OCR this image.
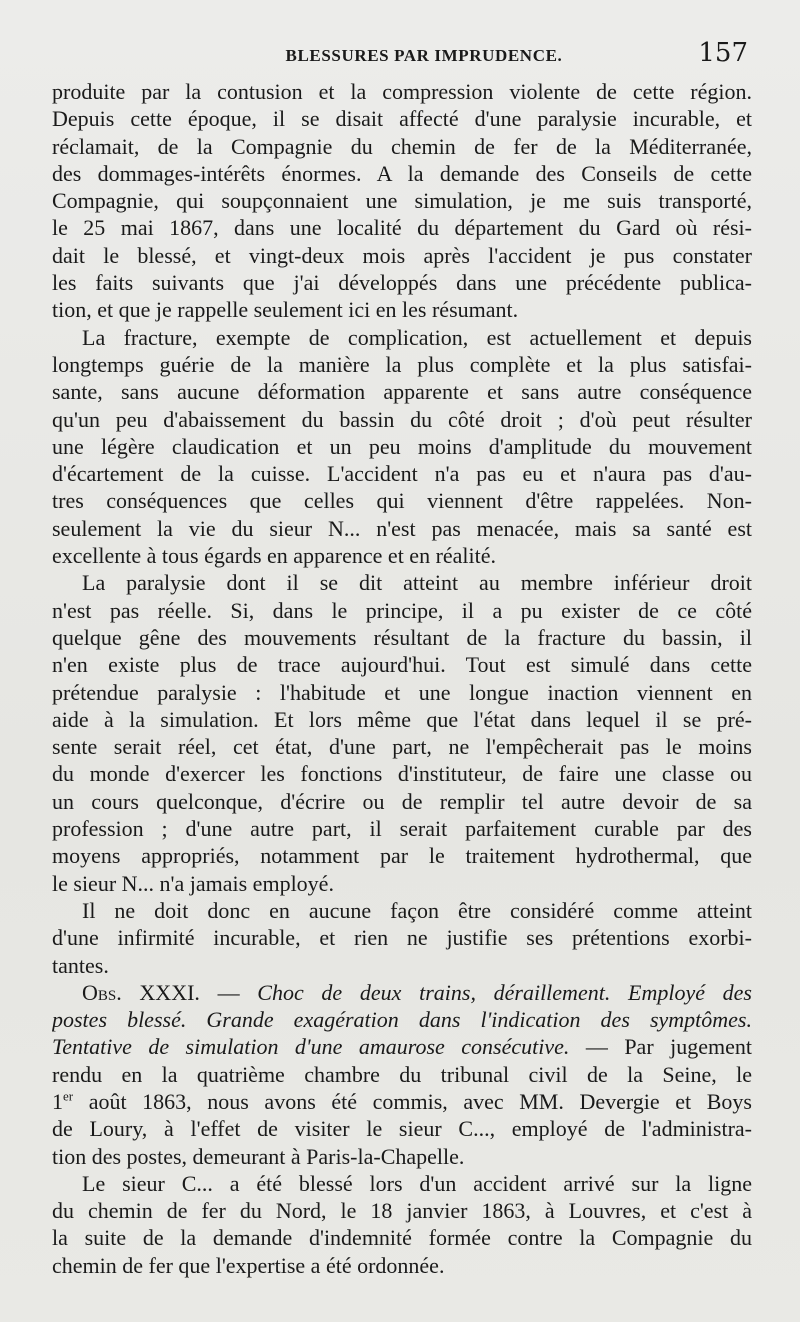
BLESSURES PAR IMPRUDENCE.	157
produite par la contusion et la compression violente de cette région.
Depuis cette époque, il se disait affecté d'une paralysie incurable, et
réclamait, de la Compagnie du chemin de fer de la Méditerranée,
des dommages-intérêts énormes. A la demande des Conseils de cette
Compagnie, qui soupçonnaient une simulation, je me suis transporté,
le 25 mai 1867, dans une localité du département du Gard où rési-
dait le blessé, et vingt-deux mois après l'accident je pus constater
les faits suivants que j'ai développés dans une précédente publica-
tion, et que je rappelle seulement ici en les résumant.
La fracture, exempte de complication, est actuellement et depuis
longtemps guérie de la manière la plus complète et la plus satisfai-
sante, sans aucune déformation apparente et sans autre conséquence
qu'un peu d'abaissement du bassin du côté droit ; d'où peut résulter
une légère claudication et un peu moins d'amplitude du mouvement
d'écartement de la cuisse. L'accident n'a pas eu et n'aura pas d'au-
tres conséquences que celles qui viennent d'être rappelées. Non-
seulement la vie du sieur N... n'est pas menacée, mais sa santé est
excellente à tous égards en apparence et en réalité.
La paralysie dont il se dit atteint au membre inférieur droit
n'est pas réelle. Si, dans le principe, il a pu exister de ce côté
quelque gêne des mouvements résultant de la fracture du bassin, il
n'en existe plus de trace aujourd'hui. Tout est simulé dans cette
prétendue paralysie : l'habitude et une longue inaction viennent en
aide à la simulation. Et lors même que l'état dans lequel il se pré-
sente serait réel, cet état, d'une part, ne l'empêcherait pas le moins
du monde d'exercer les fonctions d'instituteur, de faire une classe ou
un cours quelconque, d'écrire ou de remplir tel autre devoir de sa
profession ; d'une autre part, il serait parfaitement curable par des
moyens appropriés, notamment par le traitement hydrothermal, que
le sieur N... n'a jamais employé.
Il ne doit donc en aucune façon être considéré comme atteint
d'une infirmité incurable, et rien ne justifie ses prétentions exorbi-
tantes.
Obs. XXXI. — Choc de deux trains, déraillement. Employé des
postes blessé. Grande exagération dans l'indication des symptômes.
Tentative de simulation d'une amaurose consécutive. — Par jugement
rendu en la quatrième chambre du tribunal civil de la Seine, le
1er août 1863, nous avons été commis, avec MM. Devergie et Boys
de Loury, à l'effet de visiter le sieur C..., employé de l'administra-
tion des postes, demeurant à Paris-la-Chapelle.
Le sieur C... a été blessé lors d'un accident arrivé sur la ligne
du chemin de fer du Nord, le 18 janvier 1863, à Louvres, et c'est à
la suite de la demande d'indemnité formée contre la Compagnie du
chemin de fer que l'expertise a été ordonnée.
